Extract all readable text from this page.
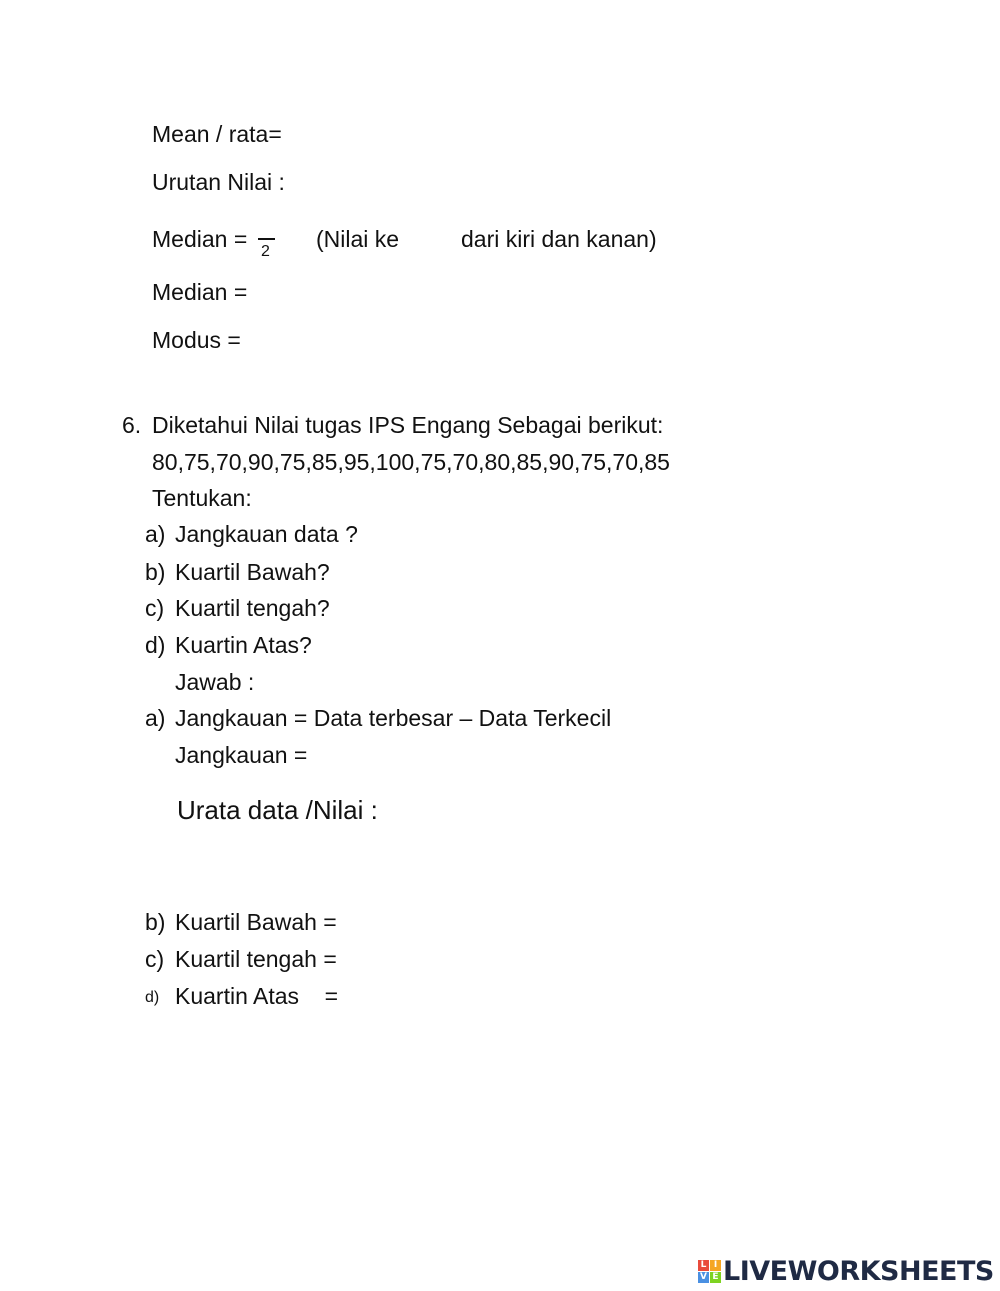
Mean / rata=
Urutan Nilai :
Median = 2 (Nilai ke	dari kiri dan kanan)
Median =
Modus =
6. Diketahui Nilai tugas IPS Engang Sebagai berikut:
80,75,70,90,75,85,95,100,75,70,80,85,90,75,70,85
Tentukan:
a) Jangkauan data ?
b) Kuartil Bawah?
c) Kuartil tengah?
d) Kuartin Atas?
Jawab :
a) Jangkauan = Data terbesar – Data Terkecil
Jangkauan =
Urata data /Nilai :
b) Kuartil Bawah =
c) Kuartil tengah =
d) Kuartin Atas    =
L I
V E LIVEWORKSHEETS
